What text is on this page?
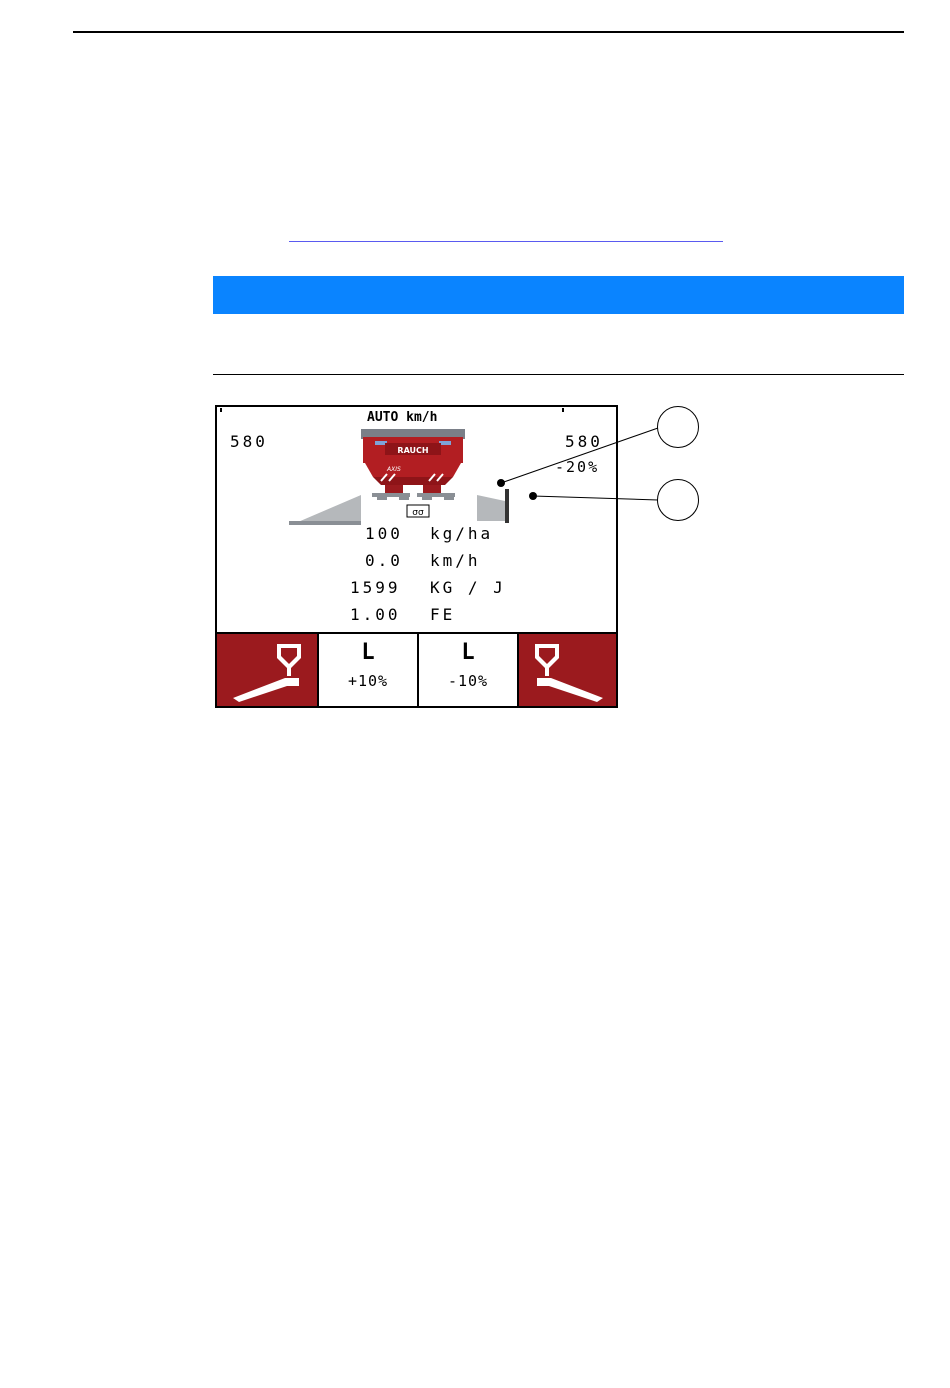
AUTO km/h
580	580
-20%
RAUCH
AXIS
σσ
100 kg/ha
0.0 km/h
1599 KG / J
1.00 FE
L
+10%
L
-10%
